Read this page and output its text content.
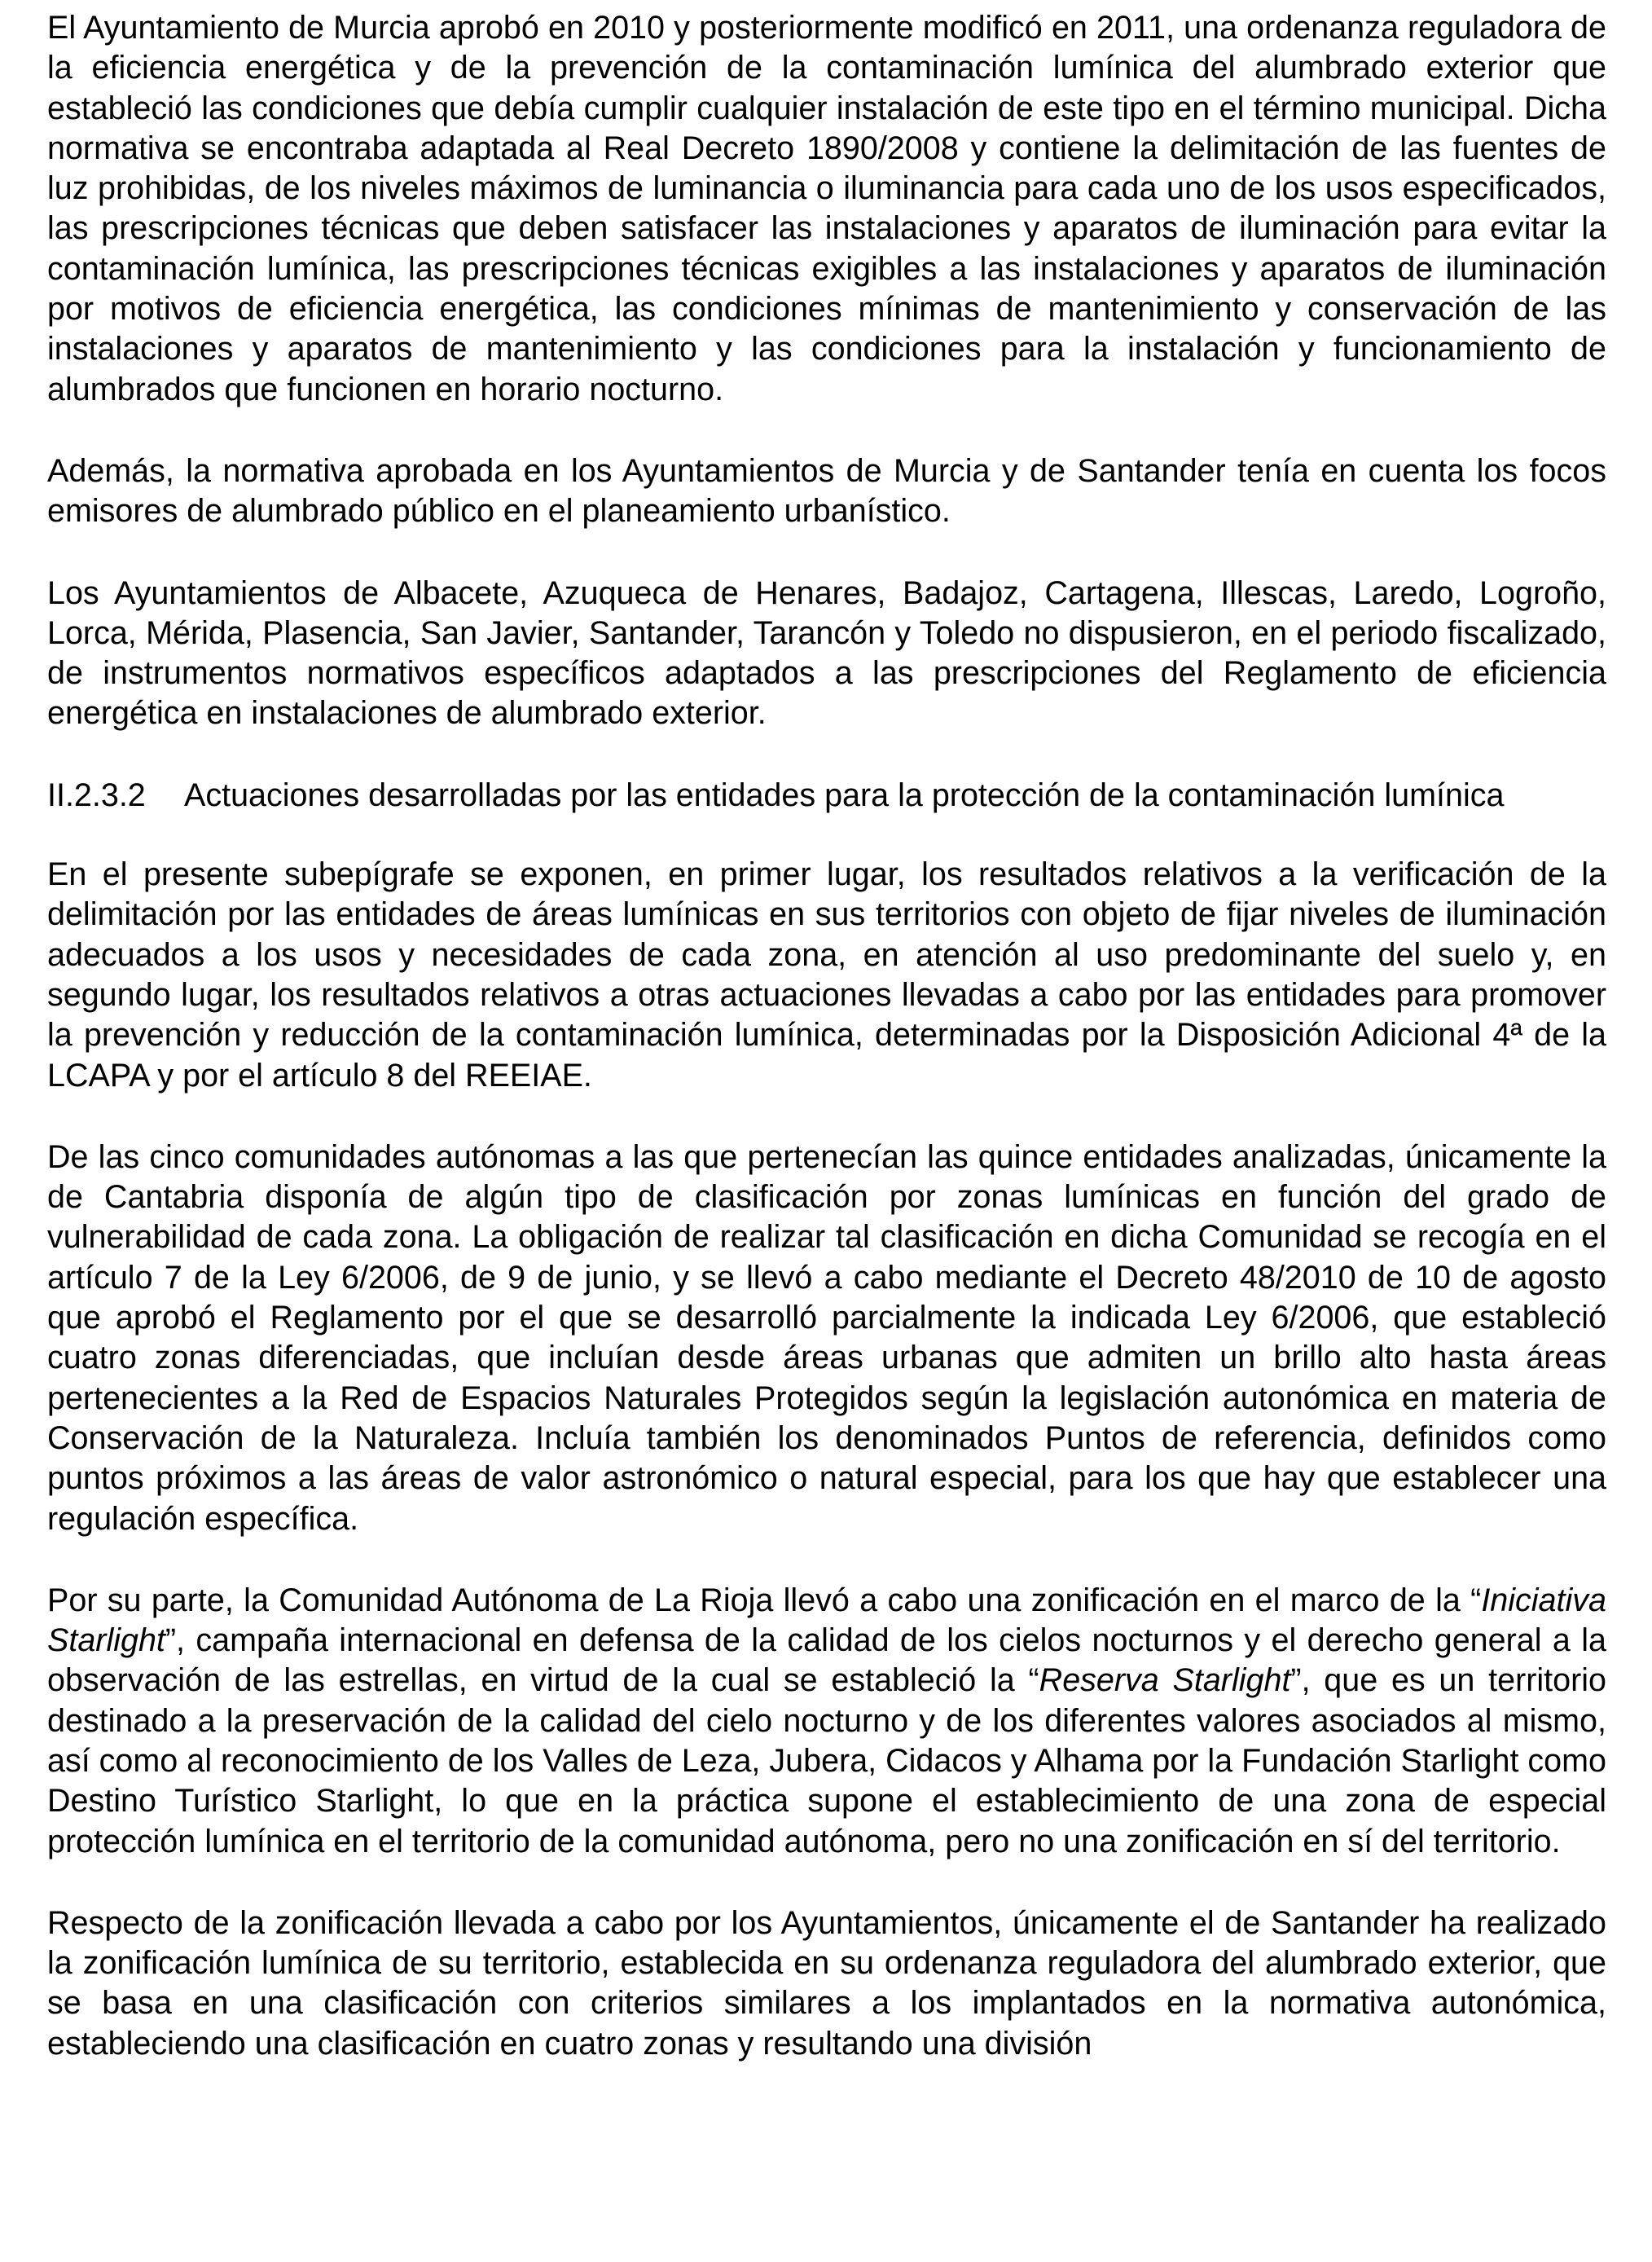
El Ayuntamiento de Murcia aprobó en 2010 y posteriormente modificó en 2011, una ordenanza reguladora de la eficiencia energética y de la prevención de la contaminación lumínica del alumbrado exterior que estableció las condiciones que debía cumplir cualquier instalación de este tipo en el término municipal. Dicha normativa se encontraba adaptada al Real Decreto 1890/2008 y contiene la delimitación de las fuentes de luz prohibidas, de los niveles máximos de luminancia o iluminancia para cada uno de los usos especificados, las prescripciones técnicas que deben satisfacer las instalaciones y aparatos de iluminación para evitar la contaminación lumínica, las prescripciones técnicas exigibles a las instalaciones y aparatos de iluminación por motivos de eficiencia energética, las condiciones mínimas de mantenimiento y conservación de las instalaciones y aparatos de mantenimiento y las condiciones para la instalación y funcionamiento de alumbrados que funcionen en horario nocturno.

Además, la normativa aprobada en los Ayuntamientos de Murcia y de Santander tenía en cuenta los focos emisores de alumbrado público en el planeamiento urbanístico.

Los Ayuntamientos de Albacete, Azuqueca de Henares, Badajoz, Cartagena, Illescas, Laredo, Logroño, Lorca, Mérida, Plasencia, San Javier, Santander, Tarancón y Toledo no dispusieron, en el periodo fiscalizado, de instrumentos normativos específicos adaptados a las prescripciones del Reglamento de eficiencia energética en instalaciones de alumbrado exterior.

II.2.3.2	Actuaciones desarrolladas por las entidades para la protección de la contaminación lumínica

En el presente subepígrafe se exponen, en primer lugar, los resultados relativos a la verificación de la delimitación por las entidades de áreas lumínicas en sus territorios con objeto de fijar niveles de iluminación adecuados a los usos y necesidades de cada zona, en atención al uso predominante del suelo y, en segundo lugar, los resultados relativos a otras actuaciones llevadas a cabo por las entidades para promover la prevención y reducción de la contaminación lumínica, determinadas por la Disposición Adicional 4ª de la LCAPA y por el artículo 8 del REEIAE.

De las cinco comunidades autónomas a las que pertenecían las quince entidades analizadas, únicamente la de Cantabria disponía de algún tipo de clasificación por zonas lumínicas en función del grado de vulnerabilidad de cada zona. La obligación de realizar tal clasificación en dicha Comunidad se recogía en el artículo 7 de la Ley 6/2006, de 9 de junio, y se llevó a cabo mediante el Decreto 48/2010 de 10 de agosto que aprobó el Reglamento por el que se desarrolló parcialmente la indicada Ley 6/2006, que estableció cuatro zonas diferenciadas, que incluían desde áreas urbanas que admiten un brillo alto hasta áreas pertenecientes a la Red de Espacios Naturales Protegidos según la legislación autonómica en materia de Conservación de la Naturaleza. Incluía también los denominados Puntos de referencia, definidos como puntos próximos a las áreas de valor astronómico o natural especial, para los que hay que establecer una regulación específica.

Por su parte, la Comunidad Autónoma de La Rioja llevó a cabo una zonificación en el marco de la “Iniciativa Starlight”, campaña internacional en defensa de la calidad de los cielos nocturnos y el derecho general a la observación de las estrellas, en virtud de la cual se estableció la “Reserva Starlight”, que es un territorio destinado a la preservación de la calidad del cielo nocturno y de los diferentes valores asociados al mismo, así como al reconocimiento de los Valles de Leza, Jubera, Cidacos y Alhama por la Fundación Starlight como Destino Turístico Starlight, lo que en la práctica supone el establecimiento de una zona de especial protección lumínica en el territorio de la comunidad autónoma, pero no una zonificación en sí del territorio.

Respecto de la zonificación llevada a cabo por los Ayuntamientos, únicamente el de Santander ha realizado la zonificación lumínica de su territorio, establecida en su ordenanza reguladora del alumbrado exterior, que se basa en una clasificación con criterios similares a los implantados en la normativa autonómica, estableciendo una clasificación en cuatro zonas y resultando una división
